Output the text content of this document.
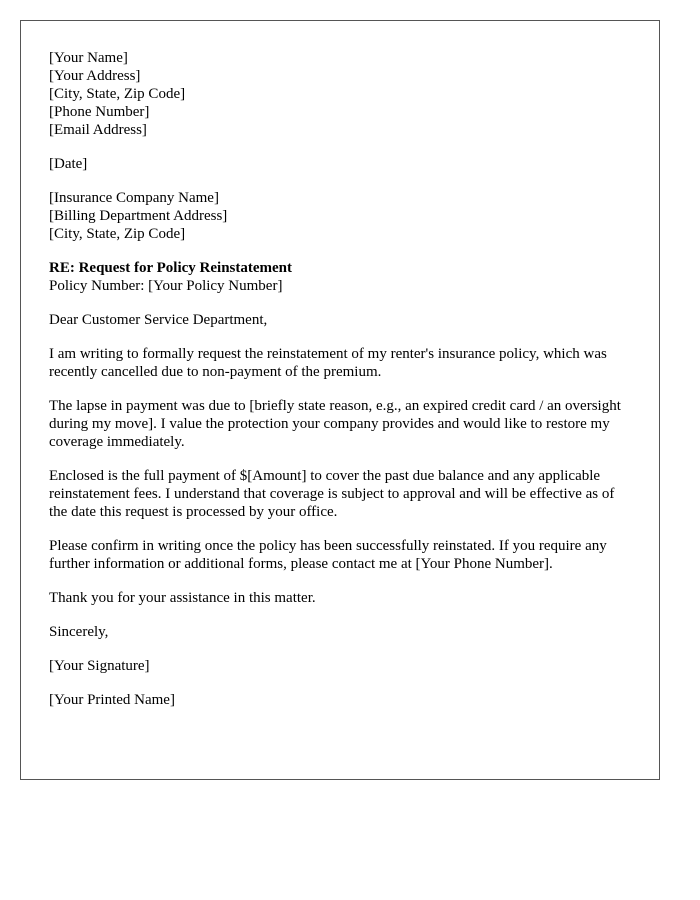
[Your Name]
[Your Address]
[City, State, Zip Code]
[Phone Number]
[Email Address]
[Date]
[Insurance Company Name]
[Billing Department Address]
[City, State, Zip Code]
RE: Request for Policy Reinstatement
Policy Number: [Your Policy Number]

Dear Customer Service Department,

I am writing to formally request the reinstatement of my renter's insurance policy, which was recently cancelled due to non-payment of the premium.

The lapse in payment was due to [briefly state reason, e.g., an expired credit card / an oversight during my move]. I value the protection your company provides and would like to restore my coverage immediately.

Enclosed is the full payment of $[Amount] to cover the past due balance and any applicable reinstatement fees. I understand that coverage is subject to approval and will be effective as of the date this request is processed by your office.

Please confirm in writing once the policy has been successfully reinstated. If you require any further information or additional forms, please contact me at [Your Phone Number].

Thank you for your assistance in this matter.

Sincerely,

[Your Signature]

[Your Printed Name]
